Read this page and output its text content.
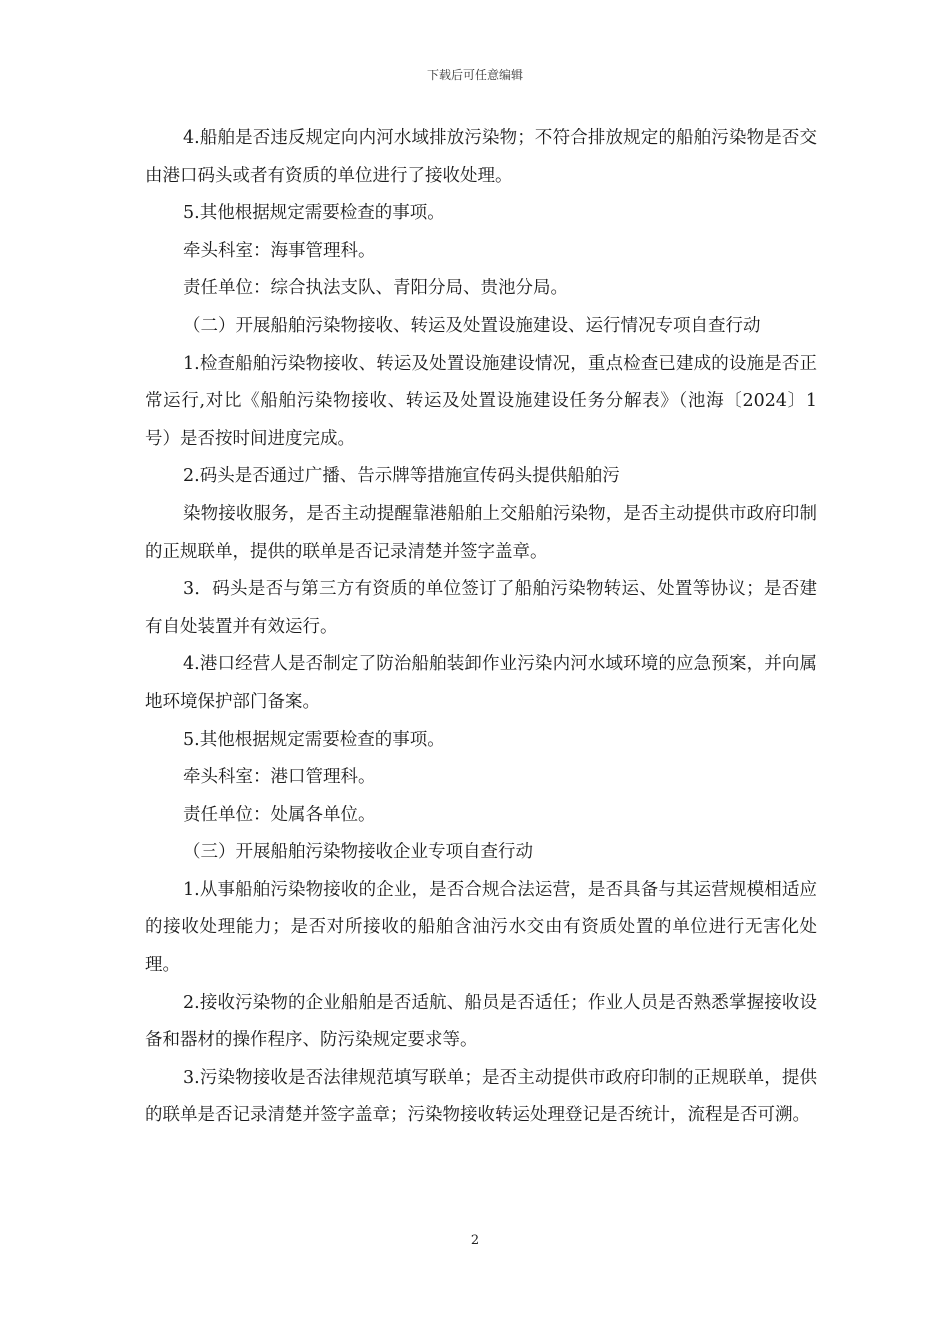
下载后可任意编辑

4.船舶是否违反规定向内河水域排放污染物；不符合排放规定的船舶污染物是否交由港口码头或者有资质的单位进行了接收处理。

5.其他根据规定需要检查的事项。

牵头科室：海事管理科。

责任单位：综合执法支队、青阳分局、贵池分局。

（二）开展船舶污染物接收、转运及处置设施建设、运行情况专项自查行动

1.检查船舶污染物接收、转运及处置设施建设情况，重点检查已建成的设施是否正常运行,对比《船舶污染物接收、转运及处置设施建设任务分解表》（池海〔2024〕1号）是否按时间进度完成。

2.码头是否通过广播、告示牌等措施宣传码头提供船舶污

染物接收服务，是否主动提醒靠港船舶上交船舶污染物，是否主动提供市政府印制的正规联单，提供的联单是否记录清楚并签字盖章。

3．码头是否与第三方有资质的单位签订了船舶污染物转运、处置等协议；是否建有自处装置并有效运行。

4.港口经营人是否制定了防治船舶装卸作业污染内河水域环境的应急预案，并向属地环境保护部门备案。

5.其他根据规定需要检查的事项。

牵头科室：港口管理科。

责任单位：处属各单位。

（三）开展船舶污染物接收企业专项自查行动

1.从事船舶污染物接收的企业，是否合规合法运营，是否具备与其运营规模相适应的接收处理能力；是否对所接收的船舶含油污水交由有资质处置的单位进行无害化处理。

2.接收污染物的企业船舶是否适航、船员是否适任；作业人员是否熟悉掌握接收设备和器材的操作程序、防污染规定要求等。

3.污染物接收是否法律规范填写联单；是否主动提供市政府印制的正规联单，提供的联单是否记录清楚并签字盖章；污染物接收转运处理登记是否统计，流程是否可溯。

2
